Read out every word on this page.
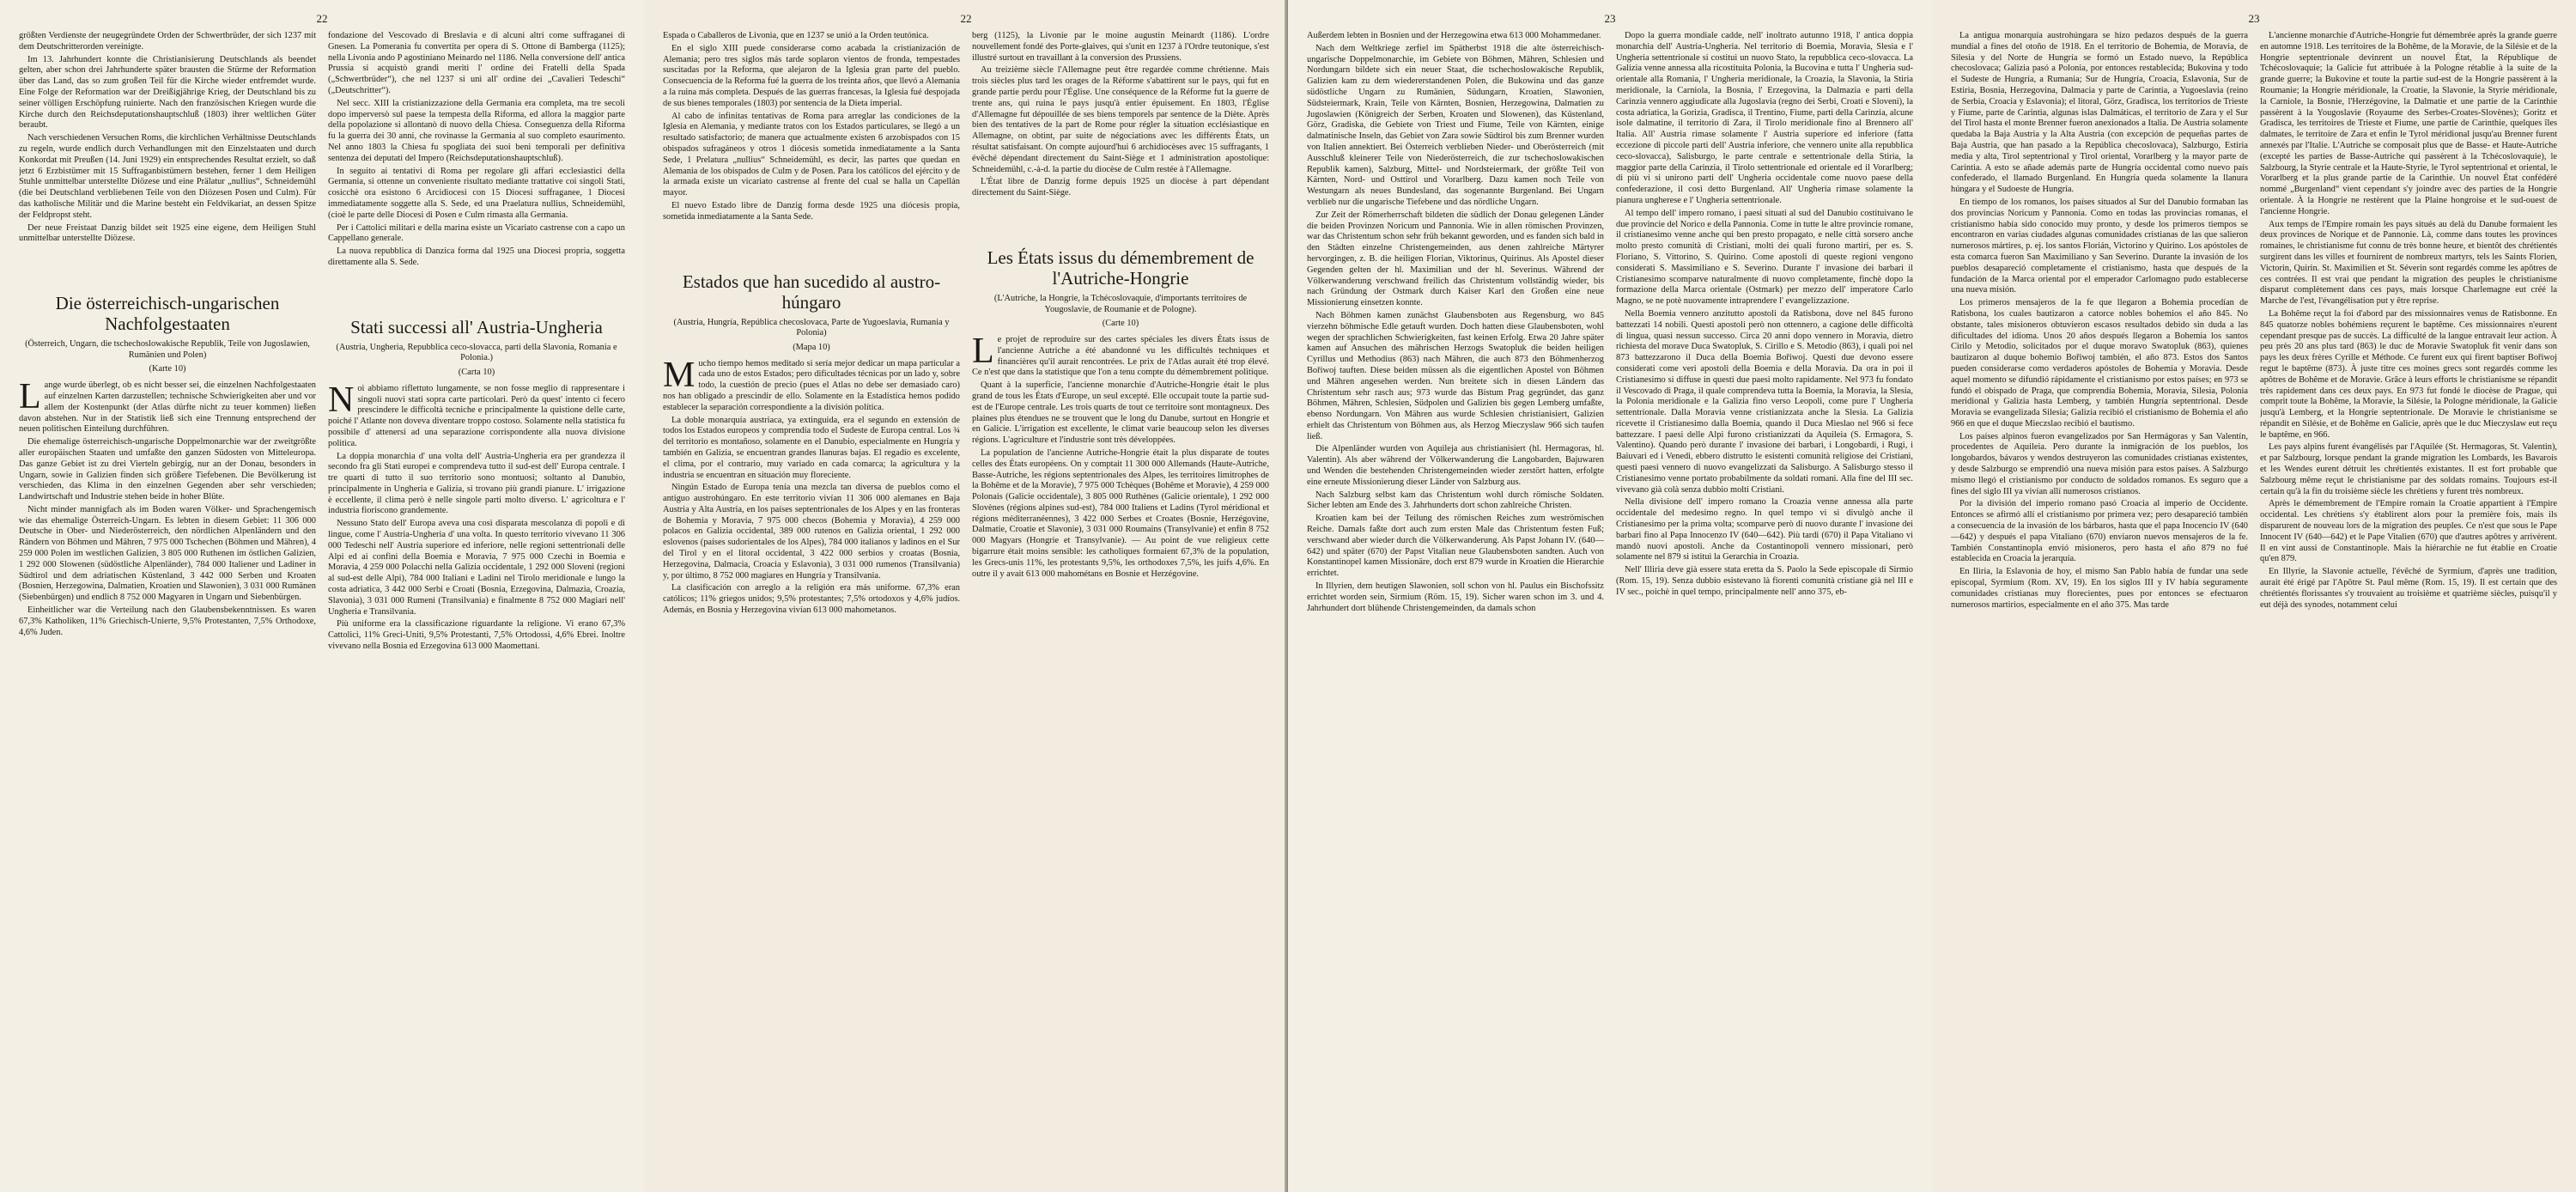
22

größten Verdienste der neugegründete Orden der Schwertbrüder, der sich 1237 mit dem Deutschritterorden vereinigte.

Im 13. Jahrhundert konnte die Christianisierung Deutschlands als beendet gelten, aber schon drei Jahrhunderte später brausten die Stürme der Reformation über das Land, das so zum großen Teil für die Kirche wieder entfremdet wurde. Eine Folge der Reformation war der Dreißigjährige Krieg, der Deutschland bis zu seiner völligen Erschöpfung ruinierte. Nach den französischen Kriegen wurde die Kirche durch den Reichsdeputationshauptschluß (1803) ihrer weltlichen Güter beraubt.

Nach verschiedenen Versuchen Roms, die kirchlichen Verhältnisse Deutschlands zu regeln, wurde endlich durch Verhandlungen mit den Einzelstaaten und durch Konkordat mit Preußen (14. Juni 1929) ein entsprechendes Resultat erzielt, so daß jetzt 6 Erzbistümer mit 15 Suffraganbistümern bestehen, ferner 1 dem Heiligen Stuhle unmittelbar unterstellte Diözese und eine Prälatur „nullius“, Schneidemühl (die bei Deutschland verbliebenen Teile von den Diözesen Posen und Culm). Für das katholische Militär und die Marine besteht ein Feldvikariat, an dessen Spitze der Feldpropst steht.

Der neue Freistaat Danzig bildet seit 1925 eine eigene, dem Heiligen Stuhl unmittelbar unterstellte Diözese.

Die österreichisch-ungarischen Nachfolgestaaten
(Österreich, Ungarn, die tschechoslowakische Republik, Teile von Jugoslawien, Rumänien und Polen)
(Karte 10)

Lange wurde überlegt, ob es nicht besser sei, die einzelnen Nachfolgestaaten auf einzelnen Karten darzustellen; technische Schwierigkeiten aber und vor allem der Kostenpunkt (der Atlas dürfte nicht zu teuer kommen) ließen davon abstehen. Nur in der Statistik ließ sich eine Trennung entsprechend der neuen politischen Einteilung durchführen.

Die ehemalige österreichisch-ungarische Doppelmonarchie war der zweitgrößte aller europäischen Staaten und umfaßte den ganzen Südosten von Mitteleuropa. Das ganze Gebiet ist zu drei Vierteln gebirgig, nur an der Donau, besonders in Ungarn, sowie in Galizien finden sich größere Tiefebenen. Die Bevölkerung ist verschieden, das Klima in den einzelnen Gegenden aber sehr verschieden; Landwirtschaft und Industrie stehen beide in hoher Blüte.

Nicht minder mannigfach als im Boden waren Völker- und Sprachengemisch wie das ehemalige Österreich-Ungarn. Es lebten in diesem Gebiet: 11 306 000 Deutsche in Ober- und Niederösterreich, den nördlichen Alpenländern und den Rändern von Böhmen und Mähren, 7 975 000 Tschechen (Böhmen und Mähren), 4 259 000 Polen im westlichen Galizien, 3 805 000 Ruthenen im östlichen Galizien, 1 292 000 Slowenen (südöstliche Alpenländer), 784 000 Italiener und Ladiner in Südtirol und dem adriatischen Küstenland, 3 442 000 Serben und Kroaten (Bosnien, Herzegowina, Dalmatien, Kroatien und Slawonien), 3 031 000 Rumänen (Siebenbürgen) und endlich 8 752 000 Magyaren in Ungarn und Siebenbürgen.

Einheitlicher war die Verteilung nach den Glaubensbekenntnissen. Es waren 67,3% Katholiken, 11% Griechisch-Unierte, 9,5% Protestanten, 7,5% Orthodoxe, 4,6% Juden.

fondazione del Vescovado di Breslavia e di alcuni altri come suffraganei di Gnesen. La Pomerania fu convertita per opera di S. Ottone di Bamberga (1125); nella Livonia ando P agostiniano Meinardo nel 1186. Nella conversione dell' antica Prussia si acquistò grandi meriti l' ordine dei Fratelli della Spada („Schwertbrüder“), che nel 1237 si unì all' ordine dei „Cavalieri Tedeschi“ („Deutschritter“).

Nel secc. XIII la cristianizzazione della Germania era completa, ma tre secoli dopo imperversò sul paese la tempesta della Riforma, ed allora la maggior parte della popolazione si allontanò di nuovo della Chiesa. Conseguenza della Riforma fu la guerra dei 30 anni, che rovinasse la Germania al suo completo esaurimento. Nel anno 1803 la Chiesa fu spogliata dei suoi beni temporali per definitiva sentenza dei deputati del Impero (Reichsdeputationshauptschluß).

In seguito ai tentativi di Roma per regolare gli affari ecclesiastici della Germania, si ottenne un conveniente risultato mediante trattative coi singoli Stati, cosicchè ora esistono 6 Arcidiocesi con 15 Diocesi suffraganee, 1 Diocesi immediatamente soggette alla S. Sede, ed una Praelatura nullius, Schneidemühl, (cioè le parte delle Diocesi di Posen e Culm rimasta alla Germania.

Per i Cattolici militari e della marina esiste un Vicariato castrense con a capo un Cappellano generale.

La nuova repubblica di Danzica forma dal 1925 una Diocesi propria, soggetta direttamente alla S. Sede.

Stati successi all' Austria-Ungheria
(Austria, Ungheria, Repubblica ceco-slovacca, parti della Slavonia, Romania e Polonia.)
(Carta 10)

Noi abbiamo riflettuto lungamente, se non fosse meglio di rappresentare i singoli nuovi stati sopra carte particolari. Però da quest' intento ci fecero prescindere le difficoltà tecniche e principalmente la quistione delle carte, poiché l' Atlante non doveva diventare troppo costoso. Solamente nella statistica fu possibile d' attenersi ad una separazione corrispondente alla nuova divisione politica.

La doppia monarchia d' una volta dell' Austria-Ungheria era per grandezza il secondo fra gli Stati europei e comprendeva tutto il sud-est dell' Europa centrale. I tre quarti di tutto il suo territorio sono montuosi; soltanto al Danubio, principalmente in Ungheria e Galizia, si trovano più grandi pianure. L' irrigazione è eccellente, il clima però è nelle singole parti molto diverso. L' agricoltura e l' industria fioriscono grandemente.

Nessuno Stato dell' Europa aveva una così disparata mescolanza di popoli e di lingue, come l' Austria-Ungheria d' una volta. In questo territorio vivevano 11 306 000 Tedeschi nell' Austria superiore ed inferiore, nelle regioni settentrionali delle Alpi ed ai confini della Boemia e Moravia, 7 975 000 Czechi in Boemia e Moravia, 4 259 000 Polacchi nella Galizia occidentale, 1 292 000 Sloveni (regioni al sud-est delle Alpi), 784 000 Italiani e Ladini nel Tirolo meridionale e lungo la costa adriatica, 3 442 000 Serbi e Croati (Bosnia, Erzegovina, Dalmazia, Croazia, Slavonia), 3 031 000 Rumeni (Transilvania) e finalmente 8 752 000 Magiari nell' Ungheria e Transilvania.

Più uniforme era la classificazione riguardante la religione. Vi erano 67,3% Cattolici, 11% Greci-Uniti, 9,5% Protestanti, 7,5% Ortodossi, 4,6% Ebrei. Inoltre vivevano nella Bosnia ed Erzegovina 613 000 Maomettani.

22

Espada o Caballeros de Livonia, que en 1237 se unió a la Orden teutónica.

En el siglo XIII puede considerarse como acabada la cristianización de Alemania; pero tres siglos más tarde soplaron vientos de fronda, tempestades suscitadas por la Reforma, que alejaron de la Iglesia gran parte del pueblo. Consecuencia de la Reforma fué la guerra de los treinta años, que llevó a Alemania a la ruina más completa. Después de las guerras francesas, la Iglesia fué despojada de sus bienes temporales (1803) por sentencia de la Dieta imperial.

Al cabo de infinitas tentativas de Roma para arreglar las condiciones de la Iglesia en Alemania, y mediante tratos con los Estados particulares, se llegó a un resultado satisfactorio; de manera que actualmente existen 6 arzobispados con 15 obispados sufragáneos y otros 1 diócesis sometida inmediatamente a la Santa Sede, 1 Prelatura „nullius“ Schneidemühl, es decir, las partes que quedan en Alemania de los obispados de Culm y de Posen. Para los católicos del ejército y de la armada existe un vicariato castrense al frente del cual se halla un Capellán mayor.

El nuevo Estado libre de Danzig forma desde 1925 una diócesis propia, sometida inmediatamente a la Santa Sede.

Estados que han sucedido al austro-húngaro
(Austria, Hungría, República checoslovaca, Parte de Yugoeslavia, Rumania y Polonia)
(Mapa 10)

Mucho tiempo hemos meditado si sería mejor dedicar un mapa particular a cada uno de estos Estados; pero dificultades técnicas por un lado y, sobre todo, la cuestión de precio (pues el Atlas no debe ser demasiado caro) nos han obligado a prescindir de ello. Solamente en la Estadística hemos podido establecer la separación correspondiente a la división política.

La doble monarquía austriaca, ya extinguida, era el segundo en extensión de todos los Estados europeos y comprendía todo el Sudeste de Europa central. Los ¾ del territorio es montañoso, solamente en el Danubio, especialmente en Hungría y también en Galizia, se encuentran grandes llanuras bajas. El regadío es excelente, el clima, por el contrario, muy variado en cada comarca; la agricultura y la industria se encuentran en situación muy floreciente.

Ningún Estado de Europa tenía una mezcla tan diversa de pueblos como el antiguo austrohúngaro. En este territorio vivían 11 306 000 alemanes en Baja Austria y Alta Austria, en los países septentrionales de los Alpes y en las fronteras de Bohemia y Moravia, 7 975 000 checos (Bohemia y Moravia), 4 259 000 polacos en Galizia occidental, 389 000 rutenos en Galizia oriental, 1 292 000 eslovenos (países sudorientales de los Alpes), 784 000 italianos y ladinos en el Sur del Tirol y en el litoral occidental, 3 422 000 serbios y croatas (Bosnia, Herzegovina, Dalmacia, Croacia y Eslavonia), 3 031 000 rumenos (Transilvania) y, por último, 8 752 000 magiares en Hungría y Transilvania.

La clasificación con arreglo a la religión era más uniforme. 67,3% eran católicos; 11% griegos unidos; 9,5% protestantes; 7,5% ortodoxos y 4,6% judíos. Además, en Bosnia y Herzegovina vivían 613 000 mahometanos.

berg (1125), la Livonie par le moine augustin Meinardt (1186). L'ordre nouvellement fondé des Porte-glaives, qui s'unit en 1237 à l'Ordre teutonique, s'est illustré surtout en travaillant à la conversion des Prussiens.

Au treizième siècle l'Allemagne peut être regardée comme chrétienne. Mais trois siècles plus tard les orages de la Réforme s'abattirent sur le pays, qui fut en grande partie perdu pour l'Église. Une conséquence de la Réforme fut la guerre de trente ans, qui ruina le pays jusqu'à entier épuisement. En 1803, l'Église d'Allemagne fut dépouillée de ses biens temporels par sentence de la Diète. Après bien des tentatives de la part de Rome pour régler la situation ecclésiastique en Allemagne, on obtint, par suite de négociations avec les différents États, un résultat satisfaisant. On compte aujourd'hui 6 archidiocèses avec 15 suffragants, 1 évêché dépendant directement du Saint-Siège et 1 administration apostolique: Schneidemühl, c.-à-d. la partie du diocèse de Culm restée à l'Allemagne.

L'État libre de Danzig forme depuis 1925 un diocèse à part dépendant directement du Saint-Siège.

Les États issus du démembrement de l'Autriche-Hongrie
(L'Autriche, la Hongrie, la Tchécoslovaquie, d'importants territoires de Yougoslavie, de Roumanie et de Pologne).
(Carte 10)

Le projet de reproduire sur des cartes spéciales les divers États issus de l'ancienne Autriche a été abandonné vu les difficultés techniques et financières qu'il aurait rencontrées. Le prix de l'Atlas aurait été trop élevé. Ce n'est que dans la statistique que l'on a tenu compte du démembrement politique.

Quant à la superficie, l'ancienne monarchie d'Autriche-Hongrie était le plus grand de tous les États d'Europe, un seul excepté. Elle occupait toute la partie sud-est de l'Europe centrale. Les trois quarts de tout ce territoire sont montagneux. Des plaines plus étendues ne se trouvent que le long du Danube, surtout en Hongrie et en Galicie. L'irrigation est excellente, le climat varie beaucoup selon les diverses régions. L'agriculture et l'industrie sont très développées.

La population de l'ancienne Autriche-Hongrie était la plus disparate de toutes celles des États européens. On y comptait 11 300 000 Allemands (Haute-Autriche, Basse-Autriche, les régions septentrionales des Alpes, les territoires limitrophes de la Bohême et de la Moravie), 7 975 000 Tchèques (Bohême et Moravie), 4 259 000 Polonais (Galicie occidentale), 3 805 000 Ruthènes (Galicie orientale), 1 292 000 Slovènes (régions alpines sud-est), 784 000 Italiens et Ladins (Tyrol méridional et régions méditerranéennes), 3 422 000 Serbes et Croates (Bosnie, Herzégovine, Dalmatie, Croatie et Slavonie), 3 031 000 Roumains (Transylvanie) et enfin 8 752 000 Magyars (Hongrie et Transylvanie). — Au point de vue religieux cette bigarrure était moins sensible: les catholiques formaient 67,3% de la population, les Grecs-unis 11%, les protestants 9,5%, les orthodoxes 7,5%, les juifs 4,6%. En outre il y avait 613 000 mahométans en Bosnie et Herzégovine.

23

Außerdem lebten in Bosnien und der Herzegowina etwa 613 000 Mohammedaner.

Nach dem Weltkriege zerfiel im Spätherbst 1918 die alte österreichisch-ungarische Doppelmonarchie, im Gebiete von Böhmen, Mähren, Schlesien und Nordungarn bildete sich ein neuer Staat, die tschechoslowakische Republik, Galizien kam zu dem wiedererstandenen Polen, die Bukowina und das ganze südöstliche Ungarn zu Rumänien, Südungarn, Kroatien, Slawonien, Südsteiermark, Krain, Teile von Kärnten, Bosnien, Herzegowina, Dalmatien zu Jugoslawien (Königreich der Serben, Kroaten und Slowenen), das Küstenland, Görz, Gradiska, die Gebiete von Triest und Fiume, Teile von Kärnten, einige dalmatinische Inseln, das Gebiet von Zara sowie Südtirol bis zum Brenner wurden von Italien annektiert. Bei Österreich verblieben Nieder- und Oberösterreich (mit Ausschluß kleinerer Teile von Niederösterreich, die zur tschechoslowakischen Republik kamen), Salzburg, Mittel- und Nordsteiermark, der größte Teil von Kärnten, Nord- und Osttirol und Vorarlberg. Dazu kamen noch Teile von Westungarn als neues Bundesland, das sogenannte Burgenland. Bei Ungarn verblieb nur die ungarische Tiefebene und das nördliche Ungarn.

Zur Zeit der Römerherrschaft bildeten die südlich der Donau gelegenen Länder die beiden Provinzen Noricum und Pannonia. Wie in allen römischen Provinzen, war das Christentum schon sehr früh bekannt geworden, und es fanden sich bald in den Städten einzelne Christengemeinden, aus denen zahlreiche Märtyrer hervorgingen, z. B. die heiligen Florian, Viktorinus, Quirinus. Als Apostel dieser Gegenden gelten der hl. Maximilian und der hl. Severinus. Während der Völkerwanderung verschwand freilich das Christentum vollständig wieder, bis nach Gründung der Ostmark durch Kaiser Karl den Großen eine neue Missionierung einsetzen konnte.

Nach Böhmen kamen zunächst Glaubensboten aus Regensburg, wo 845 vierzehn böhmische Edle getauft wurden. Doch hatten diese Glaubensboten, wohl wegen der sprachlichen Schwierigkeiten, fast keinen Erfolg. Etwa 20 Jahre später kamen auf Ansuchen des mährischen Herzogs Swatopluk die beiden heiligen Cyrillus und Methodius (863) nach Mähren, die auch 873 den Böhmenherzog Bořiwoj tauften. Diese beiden müssen als die eigentlichen Apostel von Böhmen und Mähren angesehen werden. Nun breitete sich in diesen Ländern das Christentum sehr rasch aus; 973 wurde das Bistum Prag gegründet, das ganz Böhmen, Mähren, Schlesien, Südpolen und Galizien bis gegen Lemberg umfaßte, ebenso Nordungarn. Von Mähren aus wurde Schlesien christianisiert, Galizien erhielt das Christentum von Böhmen aus, als Herzog Mieczyslaw 966 sich taufen ließ.

Die Alpenländer wurden von Aquileja aus christianisiert (hl. Hermagoras, hl. Valentin). Als aber während der Völkerwanderung die Langobarden, Bajuwaren und Wenden die bestehenden Christengemeinden wieder zerstört hatten, erfolgte eine erneute Missionierung dieser Länder von Salzburg aus.

Nach Salzburg selbst kam das Christentum wohl durch römische Soldaten. Sicher lebten am Ende des 3. Jahrhunderts dort schon zahlreiche Christen.

Kroatien kam bei der Teilung des römischen Reiches zum weströmischen Reiche. Damals faßte dort auch zum ersten Male das Christentum festen Fuß; verschwand aber wieder durch die Völkerwanderung. Als Papst Johann IV. (640—642) und später (670) der Papst Vitalian neue Glaubensboten sandten. Auch von Konstantinopel kamen Missionäre, doch erst 879 wurde in Kroatien die Hierarchie errichtet.

In Illyrien, dem heutigen Slawonien, soll schon von hl. Paulus ein Bischofssitz errichtet worden sein, Sirmium (Röm. 15, 19). Sicher waren schon im 3. und 4. Jahrhundert dort blühende Christengemeinden, da damals schon

Dopo la guerra mondiale cadde, nell' inoltrato autunno 1918, l' antica doppia monarchia dell' Austria-Ungheria. Nel territorio di Boemia, Moravia, Slesia e l' Ungheria settentrionale si costituì un nuovo Stato, la repubblica ceco-slovacca. La Galizia venne annessa alla ricostituita Polonia, la Bucovina e tutta l' Ungheria sud-orientale alla Romania, l' Ungheria meridionale, la Croazia, la Slavonia, la Stiria meridionale, la Carniola, la Bosnia, l' Erzegovina, la Dalmazia e parti della Carinzia vennero aggiudicate alla Jugoslavia (regno dei Serbi, Croati e Sloveni), la costa adriatica, la Gorizia, Gradisca, il Trentino, Fiume, parti della Carinzia, alcune isole dalmatine, il territorio di Zara, il Tirolo meridionale fino al Brennero all' Italia. All' Austria rimase solamente l' Austria superiore ed inferiore (fatta eccezione di piccole parti dell' Austria inferiore, che vennero unite alla repubblica ceco-slovacca), Salisburgo, le parte centrale e settentrionale della Stiria, la maggior parte della Carinzia, il Tirolo settentrionale ed orientale ed il Vorarlberg; di più vi si unirono parti dell' Ungheria occidentale come nuovo paese della confederazione, il così detto Burgenland. All' Ungheria rimase solamente la pianura ungherese e l' Ungheria settentrionale.

Al tempo dell' impero romano, i paesi situati al sud del Danubio costituivano le due provincie del Norico e della Pannonia. Come in tutte le altre provincie romane, il cristianesimo venne anche qui ben presto propagato, e nelle città sorsero anche molto presto comunità di Cristiani, molti dei quali furono martiri, per es. S. Floriano, S. Vittorino, S. Quirino. Come apostoli di queste regioni vengono considerati S. Massimiliano e S. Severino. Durante l' invasione dei barbari il Cristianesimo scomparve naturalmente di nuovo completamente, finchè dopo la formazione della Marca orientale (Ostmark) per mezzo dell' imperatore Carlo Magno, se ne potè nuovamente intraprendere l' evangelizzazione.

Nella Boemia vennero anzitutto apostoli da Ratisbona, dove nel 845 furono battezzati 14 nobili. Questi apostoli però non ottennero, a cagione delle difficoltà di lingua, quasi nessun successo. Circa 20 anni dopo vennero in Moravia, dietro richiesta del morave Duca Swatopluk, S. Cirillo e S. Metodio (863), i quali poi nel 873 battezzarono il Duca della Boemia Bořiwoj. Questi due devono essere considerati come veri apostoli della Boemia e della Moravia. Da ora in poi il Cristianesimo si diffuse in questi due paesi molto rapidamente. Nel 973 fu fondato il Vescovado di Praga, il quale comprendeva tutta la Boemia, la Moravia, la Slesia, la Polonia meridionale e la Galizia fino verso Leopoli, come pure l' Ungheria settentrionale. Dalla Moravia venne cristianizzata anche la Slesia. La Galizia ricevette il Cristianesimo dalla Boemia, quando il Duca Mieslao nel 966 si fece battezzare. I paesi delle Alpi furono cristianizzati da Aquileia (S. Ermagora, S. Valentino). Quando però durante l' invasione dei barbari, i Longobardi, i Rugi, i Baiuvari ed i Venedi, ebbero distrutto le esistenti comunità religiose dei Cristiani, questi paesi vennero di nuovo evangelizzati da Salisburgo. A Salisburgo stesso il Cristianesimo venne portato probabilmente da soldati romani. Alla fine del III sec. vivevano già colà senza dubbio molti Cristiani.

Nella divisione dell' impero romano la Croazia venne annessa alla parte occidentale del medesimo regno. In quel tempo vi si divulgò anche il Cristianesimo per la prima volta; scomparve però di nuovo durante l' invasione dei barbari fino al Papa Innocenzo IV (640—642). Più tardi (670) il Papa Vitaliano vi mandò nuovi apostoli. Anche da Costantinopoli vennero missionari, però solamente nel 879 si istituì la Gerarchia in Croazia.

Nell' Illiria deve già essere stata eretta da S. Paolo la Sede episcopale di Sirmio (Rom. 15, 19). Senza dubbio esistevano là fiorenti comunità cristiane già nel III e IV sec., poichè in quel tempo, principalmente nell' anno 375, eb-

23

La antigua monarquía austrohúngara se hizo pedazos después de la guerra mundial a fines del otoño de 1918. En el territorio de Bohemia, de Moravia, de Silesia y del Norte de Hungría se formó un Estado nuevo, la República checoslovaca; Galizia pasó a Polonia, por entonces restablecida; Bukovina y todo el Sudeste de Hungría, a Rumania; Sur de Hungría, Croacia, Eslavonia, Sur de Estiria, Bosnia, Herzegovina, Dalmacia y parte de Carintia, a Yugoeslavia (reino de Serbia, Croacia y Eslavonia); el litoral, Görz, Gradisca, los territorios de Trieste y Fiume, parte de Carintia, algunas islas Dalmáticas, el territorio de Zara y el Sur del Tirol hasta el monte Brenner fueron anexionados a Italia. De Austria solamente quedaba la Baja Austria y la Alta Austria (con excepción de pequeñas partes de Baja Austria, que han pasado a la República checoslovaca), Salzburgo, Estiria media y alta, Tirol septentrional y Tirol oriental, Vorarlberg y la mayor parte de Carintia. A esto se añade además parte de Hungría occidental como nuevo país confederado, el llamado Burgenland. En Hungría queda solamente la llanura húngara y el Sudoeste de Hungría.

En tiempo de los romanos, los países situados al Sur del Danubio formaban las dos provincias Noricum y Pannonia. Como en todas las provincias romanas, el cristianismo había sido conocido muy pronto, y desde los primeros tiempos se encontraron en varias ciudades algunas comunidades cristianas de las que salieron numerosos mártires, p. ej. los santos Florián, Victorino y Quirino. Los apóstoles de esta comarca fueron San Maximiliano y San Severino. Durante la invasión de los pueblos desapareció completamente el cristianismo, hasta que después de la fundación de la Marca oriental por el emperador Carlomagno pudo establecerse una nueva misión.

Los primeros mensajeros de la fe que llegaron a Bohemia procedían de Ratisbona, los cuales bautizaron a catorce nobles bohemios el año 845. No obstante, tales misioneros obtuvieron escasos resultados debido sin duda a las dificultades del idioma. Unos 20 años después llegaron a Bohemia los santos Cirilo y Metodio, solicitados por el duque moravo Swatopluk (863), quienes bautizaron al duque bohemio Bořiwoj también, el año 873. Estos dos Santos pueden considerarse como verdaderos apóstoles de Bohemia y Moravia. Desde aquel momento se difundió rápidamente el cristianismo por estos países; en 973 se fundó el obispado de Praga, que comprendía Bohemia, Moravia, Silesia, Polonia meridional y Galizia hasta Lemberg, y también Hungría septentrional. Desde Moravia se evangelizada Silesia; Galizia recibió el cristianismo de Bohemia el año 966 en que el duque Mieczslao recibió el bautismo.

Los países alpinos fueron evangelizados por San Hermágoras y San Valentín, procedentes de Aquileia. Pero durante la inmigración de los pueblos, los longobardos, bávaros y wendos destruyeron las comunidades cristianas existentes, y desde Salzburgo se emprendió una nueva misión para estos países. A Salzburgo mismo llegó el cristianismo por conducto de soldados romanos. Es seguro que a fines del siglo III ya vivían allí numerosos cristianos.

Por la división del imperio romano pasó Croacia al imperio de Occidente. Entonces se afirmó allí el cristianismo por primera vez; pero desapareció también a consecuencia de la invasión de los bárbaros, hasta que el papa Inocencio IV (640—642) y después el papa Vitaliano (670) enviaron nuevos mensajeros de la fe. También Constantinopla envió misioneros, pero hasta el año 879 no fué establecida en Croacia la jerarquía.

En Iliria, la Eslavonia de hoy, el mismo San Pablo había de fundar una sede episcopal, Syrmium (Rom. XV, 19). En los siglos III y IV había seguramente comunidades cristianas muy florecientes, pues por entonces se efectuaron numerosos martirios, especialmente en el año 375. Mas tarde

L'ancienne monarchie d'Autriche-Hongrie fut démembrée après la grande guerre en automne 1918. Les territoires de la Bohême, de la Moravie, de la Silésie et de la Hongrie septentrionale devinrent un nouvel État, la République de Tchécoslovaquie; la Galicie fut attribuée à la Pologne rétablie à la suite de la grande guerre; la Bukovine et toute la partie sud-est de la Hongrie passèrent à la Roumanie; la Hongrie méridionale, la Croatie, la Slavonie, la Styrie méridionale, la Carniole, la Bosnie, l'Herzégovine, la Dalmatie et une partie de la Carinthie passèrent à la Yougoslavie (Royaume des Serbes-Croates-Slovènes); Goritz et Gradisca, les territoires de Trieste et Fiume, une partie de Carinthie, quelques îles dalmates, le territoire de Zara et enfin le Tyrol méridional jusqu'au Brenner furent annexés par l'Italie. L'Autriche se composait plus que de Basse- et Haute-Autriche (excepté les parties de Basse-Autriche qui passèrent à la Tchécoslovaquie), le Salzbourg, la Styrie centrale et la Haute-Styrie, le Tyrol septentrional et oriental, le Vorarlberg et la plus grande partie de la Carinthie. Un nouvel État confédéré nommé „Burgenland“ vient cependant s'y joindre avec des parties de la Hongrie orientale. À la Hongrie ne restèrent que la Plaine hongroise et le sud-ouest de l'ancienne Hongrie.

Aux temps de l'Empire romain les pays situés au delà du Danube formaient les deux provinces de Norique et de Pannonie. Là, comme dans toutes les provinces romaines, le christianisme fut connu de très bonne heure, et bientôt des chrétientés surgirent dans les villes et fournirent de nombreux martyrs, tels les Saints Florien, Victorin, Quirin. St. Maximilien et St. Séverin sont regardés comme les apôtres de ces contrées. Il est vrai que pendant la migration des peuples le christianisme disparut complètement dans ces pays, mais lorsque Charlemagne eut créé la Marche de l'est, l'évangélisation put y être reprise.

La Bohême reçut la foi d'abord par des missionnaires venus de Ratisbonne. En 845 quatorze nobles bohémiens reçurent le baptême. Ces missionnaires n'eurent cependant presque pas de succès. La difficulté de la langue entravait leur action. À peu près 20 ans plus tard (863) le duc de Moravie Swatopluk fit venir dans son pays les deux frères Cyrille et Méthode. Ce furent eux qui firent baptiser Bořiwoj regut le baptême (873). À juste titre ces moines grecs sont regardés comme les apôtres de Bohême et de Moravie. Grâce à leurs efforts le christianisme se répandit très rapidement dans ces deux pays. En 973 fut fondé le diocèse de Prague, qui comprit toute la Bohême, la Moravie, la Silésie, la Pologne méridionale, la Galicie jusqu'à Lemberg, et la Hongrie septentrionale. De Moravie le christianisme se répandit en Silésie, et de Bohême en Galicie, après que le duc Mieczyslaw eut reçu le baptême, en 966.

Les pays alpins furent évangélisés par l'Aquilée (St. Hermagoras, St. Valentin), et par Salzbourg, lorsque pendant la grande migration les Lombards, les Bavarois et les Wendes eurent détruit les chrétientés existantes. Il est fort probable que Salzbourg même reçut le christianisme par des soldats romains. Toujours est-il certain qu'à la fin du troisième siècle les chrétiens y furent très nombreux.

Après le démembrement de l'Empire romain la Croatie appartient à l'Empire occidental. Les chrétiens s'y établirent alors pour la première fois, mais ils disparurent de nouveau lors de la migration des peuples. Ce n'est que sous le Pape Innocent IV (640—642) et le Pape Vitalien (670) que d'autres apôtres y arrivèrent. Il en vint aussi de Constantinople. Mais la hiérarchie ne fut établie en Croatie qu'en 879.

En Illyrie, la Slavonie actuelle, l'évêché de Syrmium, d'après une tradition, aurait été érigé par l'Apôtre St. Paul même (Rom. 15, 19). Il est certain que des chrétientés florissantes s'y trouvaient au troisième et quatrième siècles, puisqu'il y eut déjà des synodes, notamment celui
